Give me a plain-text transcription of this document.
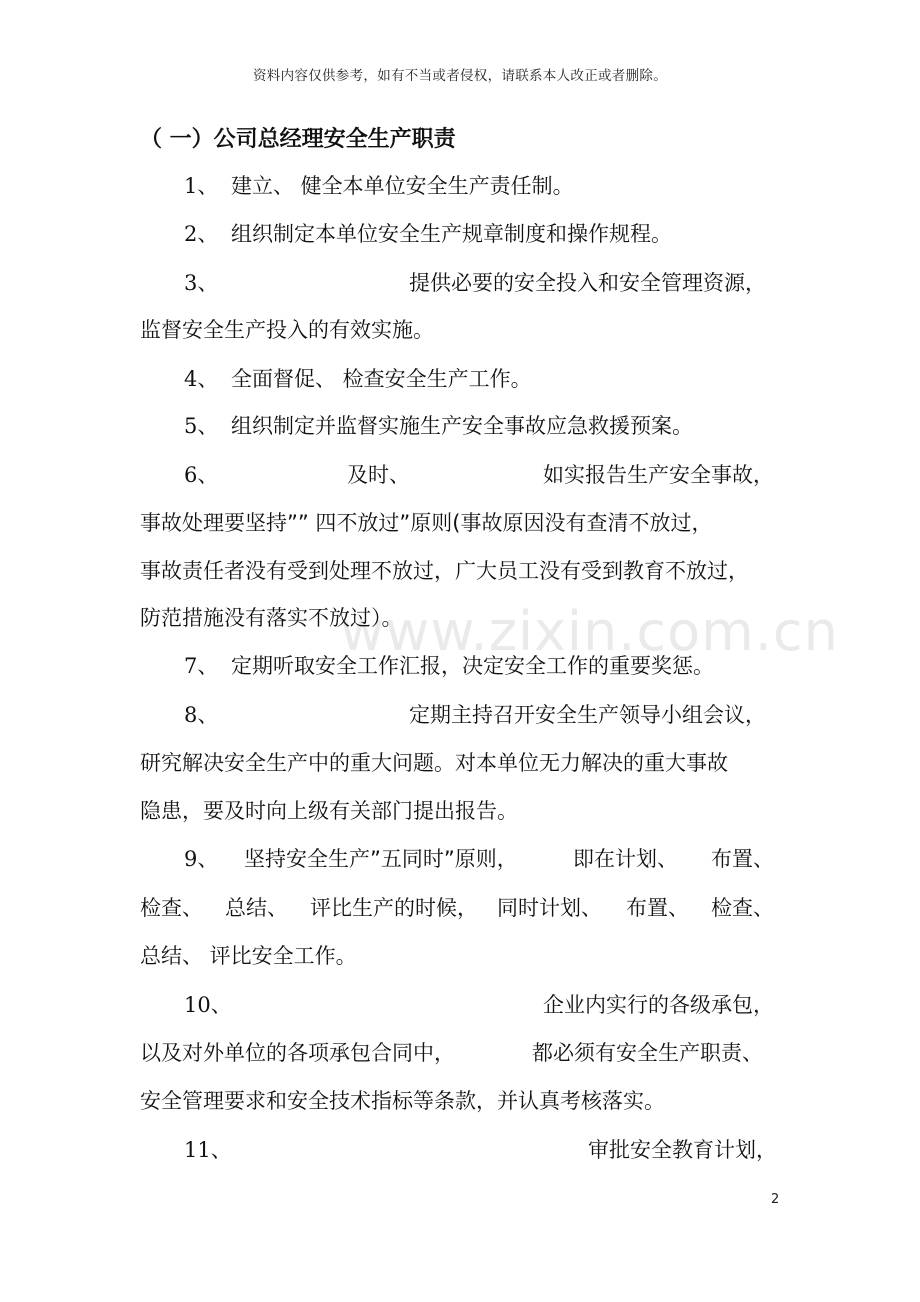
资料内容仅供参考，如有不当或者侵权，请联系本人改正或者删除。
www.zixin.com.cn
（ 一）公司总经理安全生产职责
1、 建立、 健全本单位安全生产责任制。
2、 组织制定本单位安全生产规章制度和操作规程。
3、	提供必要的安全投入和安全管理资源，
监督安全生产投入的有效实施。
4、 全面督促、 检查安全生产工作。
5、 组织制定并监督实施生产安全事故应急救援预案。
6、	及时、	如实报告生产安全事故，
事故处理要坚持”” 四不放过”原则(事故原因没有查清不放过，
事故责任者没有受到处理不放过，广大员工没有受到教育不放过，
防范措施没有落实不放过）。
7、 定期听取安全工作汇报，决定安全工作的重要奖惩。
8、	定期主持召开安全生产领导小组会议，
研究解决安全生产中的重大问题。对本单位无力解决的重大事故
隐患，要及时向上级有关部门提出报告。
9、 坚持安全生产”五同时”原则，	即在计划、 布置、
检查、 总结、 评比生产的时候， 同时计划、 布置、 检查、
总结、 评比安全工作。
10、	企业内实行的各级承包，
以及对外单位的各项承包合同中，	都必须有安全生产职责、
安全管理要求和安全技术指标等条款，并认真考核落实。
11、	审批安全教育计划，
2
